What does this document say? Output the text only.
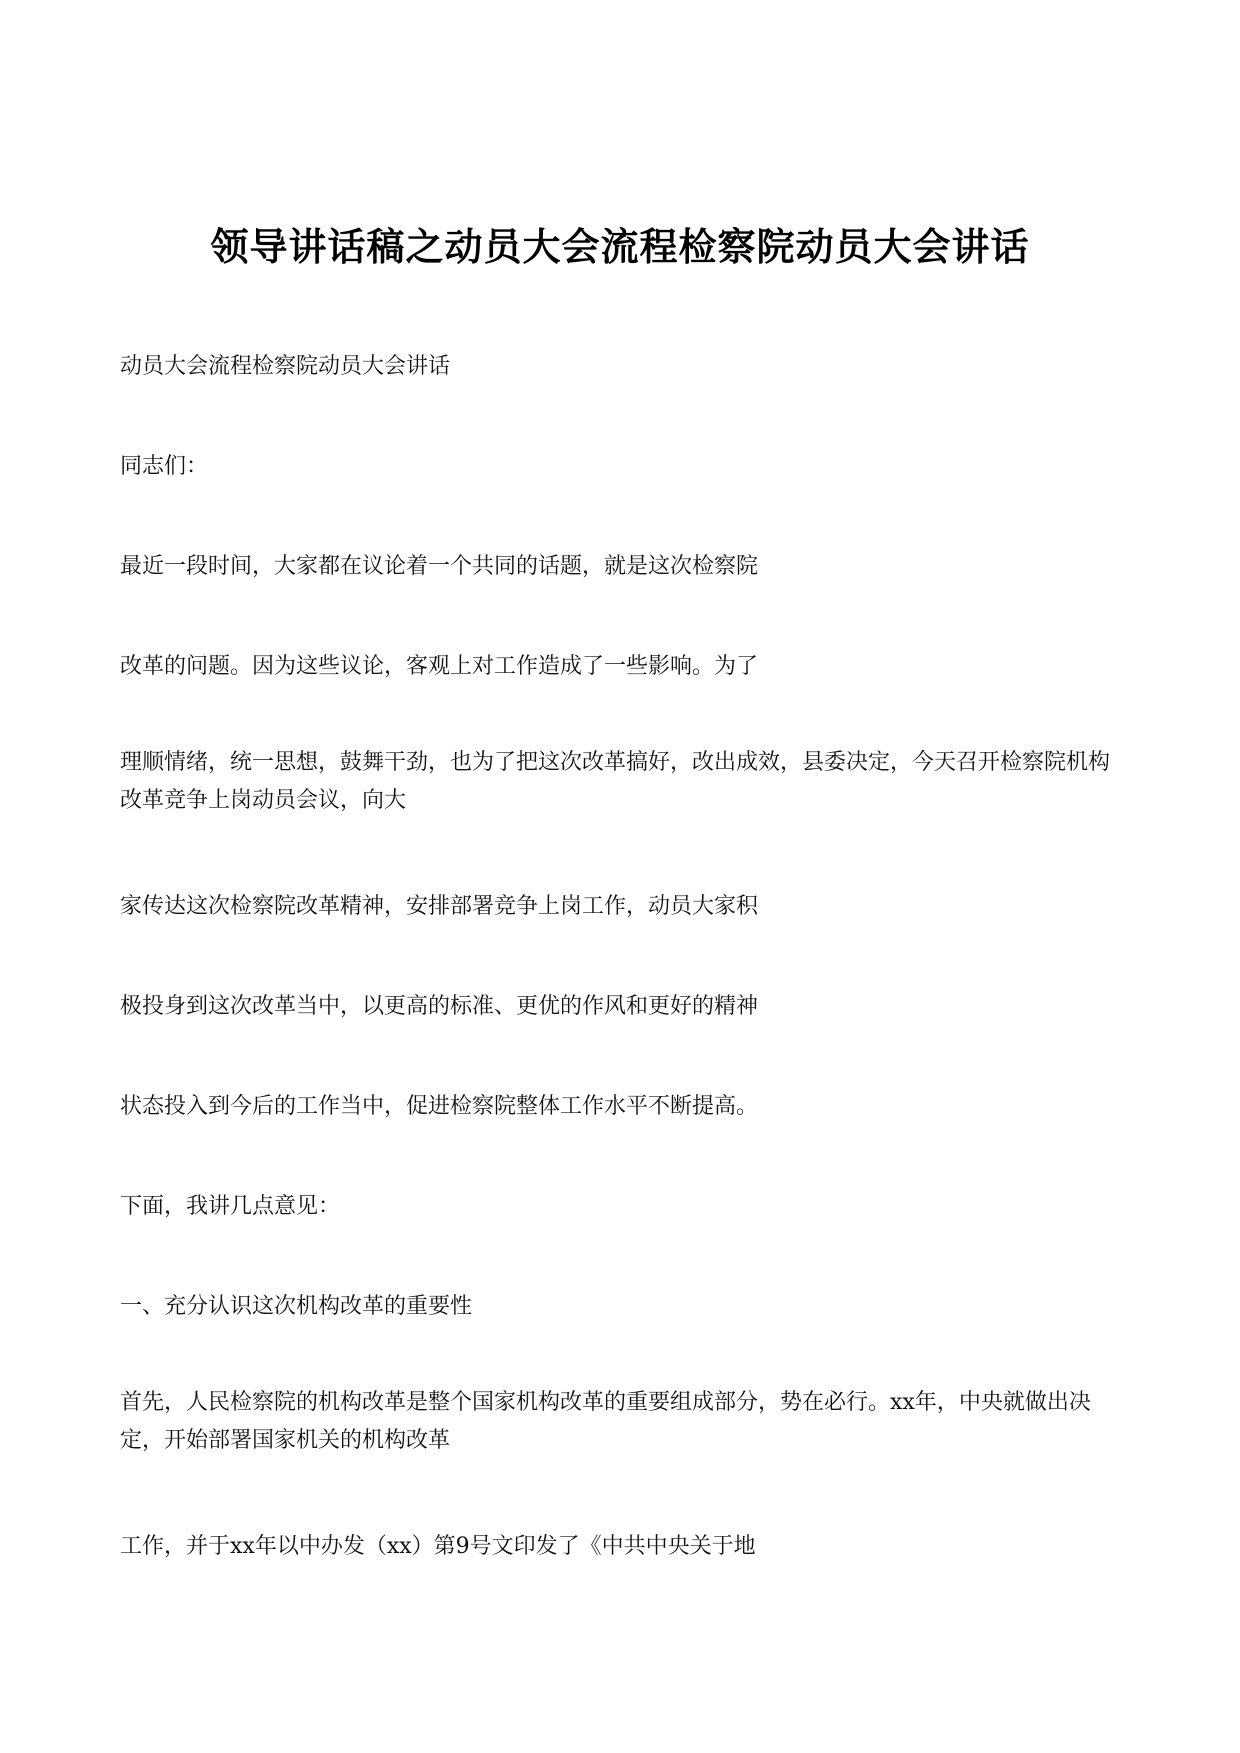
领导讲话稿之动员大会流程检察院动员大会讲话
动员大会流程检察院动员大会讲话
同志们：
最近一段时间，大家都在议论着一个共同的话题，就是这次检察院
改革的问题。因为这些议论，客观上对工作造成了一些影响。为了
理顺情绪，统一思想，鼓舞干劲，也为了把这次改革搞好，改出成效，县委决定，今天召开检察院机构改革竞争上岗动员会议，向大
家传达这次检察院改革精神，安排部署竞争上岗工作，动员大家积
极投身到这次改革当中，以更高的标准、更优的作风和更好的精神
状态投入到今后的工作当中，促进检察院整体工作水平不断提高。
下面，我讲几点意见：
一、充分认识这次机构改革的重要性
首先，人民检察院的机构改革是整个国家机构改革的重要组成部分，势在必行。xx年，中央就做出决定，开始部署国家机关的机构改革
工作，并于xx年以中办发（xx）第9号文印发了《中共中央关于地
